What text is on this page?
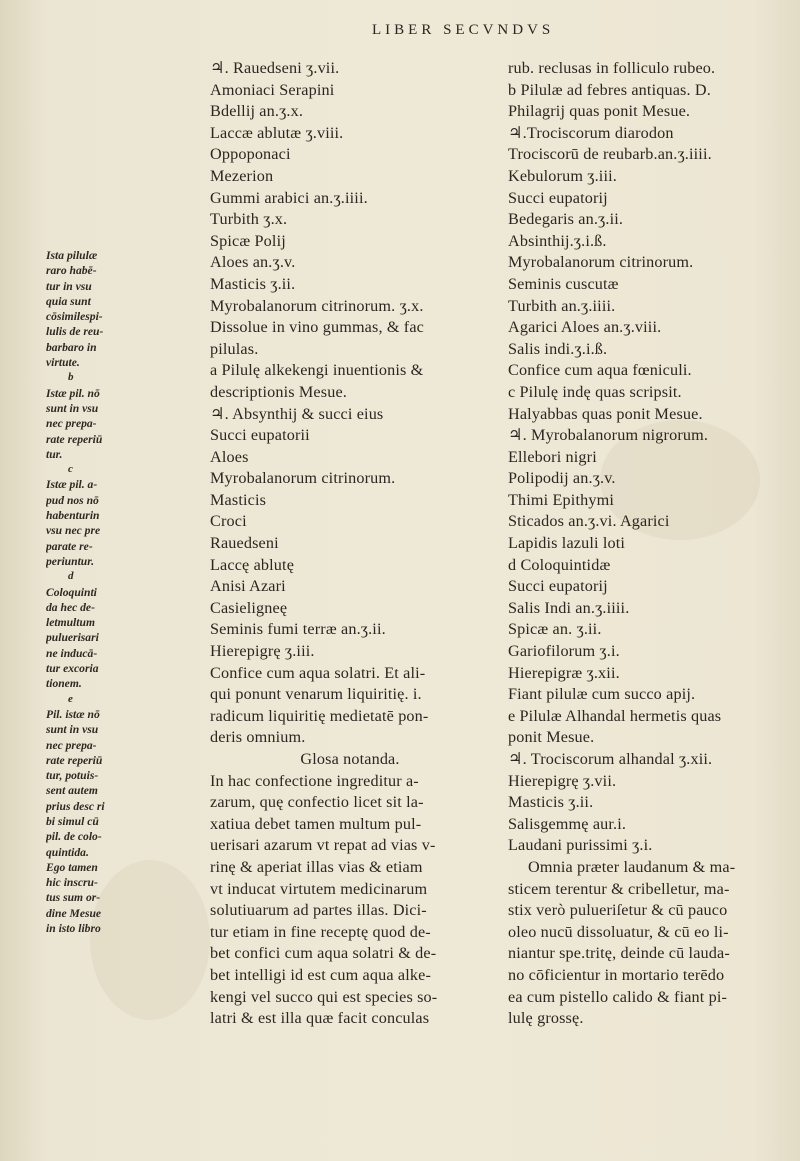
LIBER SECVNDVS
Ista pilulæ
raro habē-
tur in vsu
quia sunt
cōsimilespi-
lulis de reu-
barbaro in
virtute.
b
Istæ pil. nō
sunt in vsu
nec prepa-
rate reperiū
tur.
c
Istæ pil. a-
pud nos nō
habenturin
vsu nec pre
parate re-
periuntur.
d
Coloquinti
da hec de-
letmultum
puluerisari
ne inducā-
tur excoria
tionem.
e
Pil. istæ nō
sunt in vsu
nec prepa-
rate reperiū
tur, potuis-
sent autem
prius desc ri
bi simul cū
pil. de colo-
quintida.
Ego tamen
hic inscru-
tus sum or-
dine Mesue
in isto libro
♃. Rauedseni ʒ.vii.
Amoniaci Serapini
Bdellij an.ʒ.x.
Laccæ ablutæ ʒ.viii.
Oppoponaci
Mezerion
Gummi arabici an.ʒ.iiii.
Turbith ʒ.x.
Spicæ Polij
Aloes an.ʒ.v.
Masticis ʒ.ii.
Myrobalanorum citrinorum. ʒ.x.
Dissolue in vino gummas, & fac
pilulas.
a Pilulę alkekengi inuentionis &
descriptionis Mesue.
♃. Absynthij & succi eius
Succi eupatorii
Aloes
Myrobalanorum citrinorum.
Masticis
Croci
Rauedseni
Laccę ablutę
Anisi Azari
Casieligneę
Seminis fumi terræ an.ʒ.ii.
Hierepigrę ʒ.iii.
Confice cum aqua solatri. Et ali-
qui ponunt venarum liquiritię. i.
radicum liquiritię medietatē pon-
deris omnium.
Glosa notanda.
In hac confectione ingreditur a-
zarum, quę confectio licet sit la-
xatiua debet tamen multum pul-
uerisari azarum vt repat ad vias v-
rinę & aperiat illas vias & etiam
vt inducat virtutem medicinarum
solutiuarum ad partes illas. Dici-
tur etiam in fine receptę quod de-
bet confici cum aqua solatri & de-
bet intelligi id est cum aqua alke-
kengi vel succo qui est species so-
latri & est illa quæ facit conculas
rub. reclusas in folliculo rubeo.
b Pilulæ ad febres antiquas. D.
Philagrij quas ponit Mesue.
♃.Trociscorum diarodon
Trociscorū de reubarb.an.ʒ.iiii.
Kebulorum ʒ.iii.
Succi eupatorij
Bedegaris an.ʒ.ii.
Absinthij.ʒ.i.ß.
Myrobalanorum citrinorum.
Seminis cuscutæ
Turbith an.ʒ.iiii.
Agarici Aloes an.ʒ.viii.
Salis indi.ʒ.i.ß.
Confice cum aqua fœniculi.
c Pilulę indę quas scripsit.
Halyabbas quas ponit Mesue.
♃. Myrobalanorum nigrorum.
Ellebori nigri
Polipodij an.ʒ.v.
Thimi Epithymi
Sticados an.ʒ.vi. Agarici
Lapidis lazuli loti
d Coloquintidæ
Succi eupatorij
Salis Indi an.ʒ.iiii.
Spicæ an. ʒ.ii.
Gariofilorum ʒ.i.
Hierepigræ ʒ.xii.
Fiant pilulæ cum succo apij.
e Pilulæ Alhandal hermetis quas
ponit Mesue.
♃. Trociscorum alhandal ʒ.xii.
Hierepigrę ʒ.vii.
Masticis ʒ.ii.
Salisgemmę aur.i.
Laudani purissimi ʒ.i.
Omnia præter laudanum & ma-
sticem terentur & cribelletur, ma-
stix verò pulueriſetur & cū pauco
oleo nucū dissoluatur, & cū eo li-
niantur spe.tritę, deinde cū lauda-
no cōficientur in mortario terēdo
ea cum pistello calido & fiant pi-
lulę grossę.
